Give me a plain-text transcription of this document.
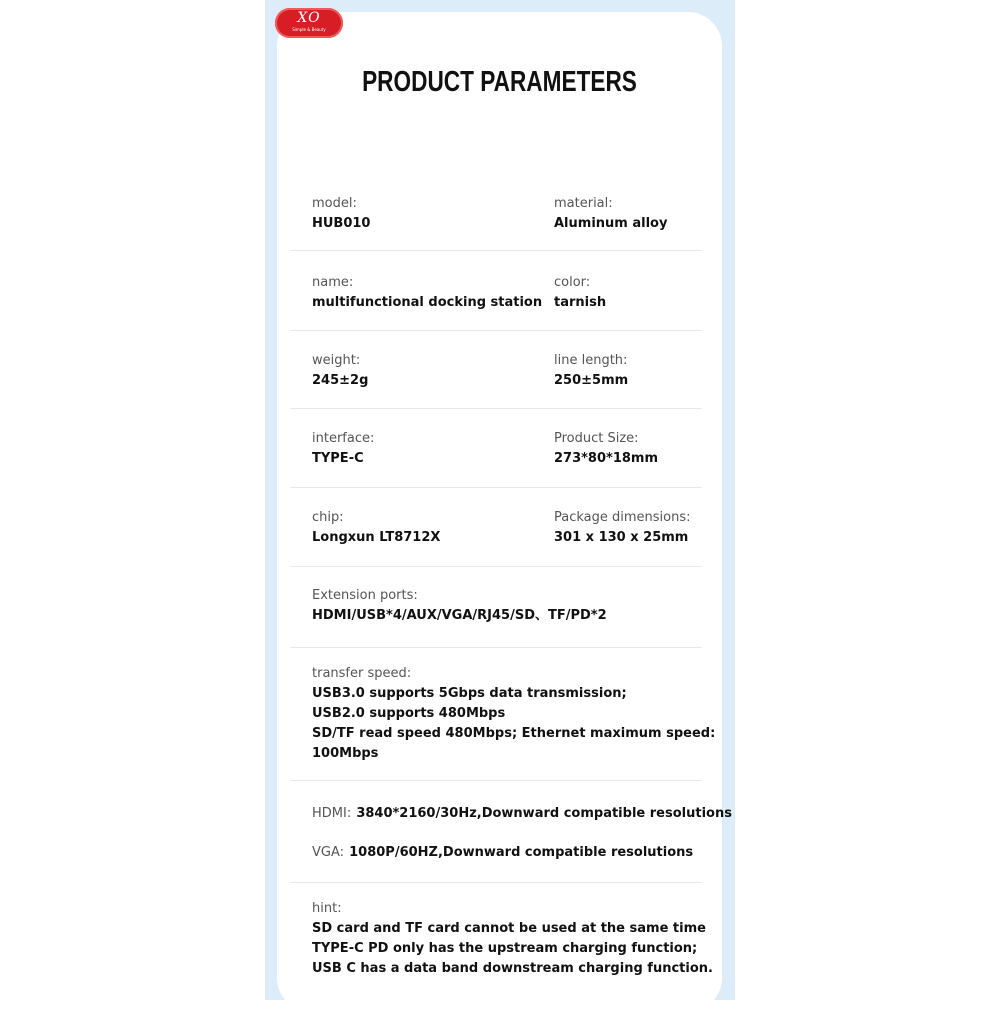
XO
Simple & Beauty
PRODUCT PARAMETERS
model:
HUB010
material:
Aluminum alloy
name:
multifunctional docking station
color:
tarnish
weight:
245±2g
line length:
250±5mm
interface:
TYPE-C
Product Size:
273*80*18mm
chip:
Longxun LT8712X
Package dimensions:
301 x 130 x 25mm
Extension ports:
HDMI/USB*4/AUX/VGA/RJ45/SD、TF/PD*2
transfer speed:
USB3.0 supports 5Gbps data transmission;
USB2.0 supports 480Mbps
SD/TF read speed 480Mbps; Ethernet maximum speed:
100Mbps
HDMI: 3840*2160/30Hz,Downward compatible resolutions
VGA: 1080P/60HZ,Downward compatible resolutions
hint:
SD card and TF card cannot be used at the same time
TYPE-C PD only has the upstream charging function;
USB C has a data band downstream charging function.
